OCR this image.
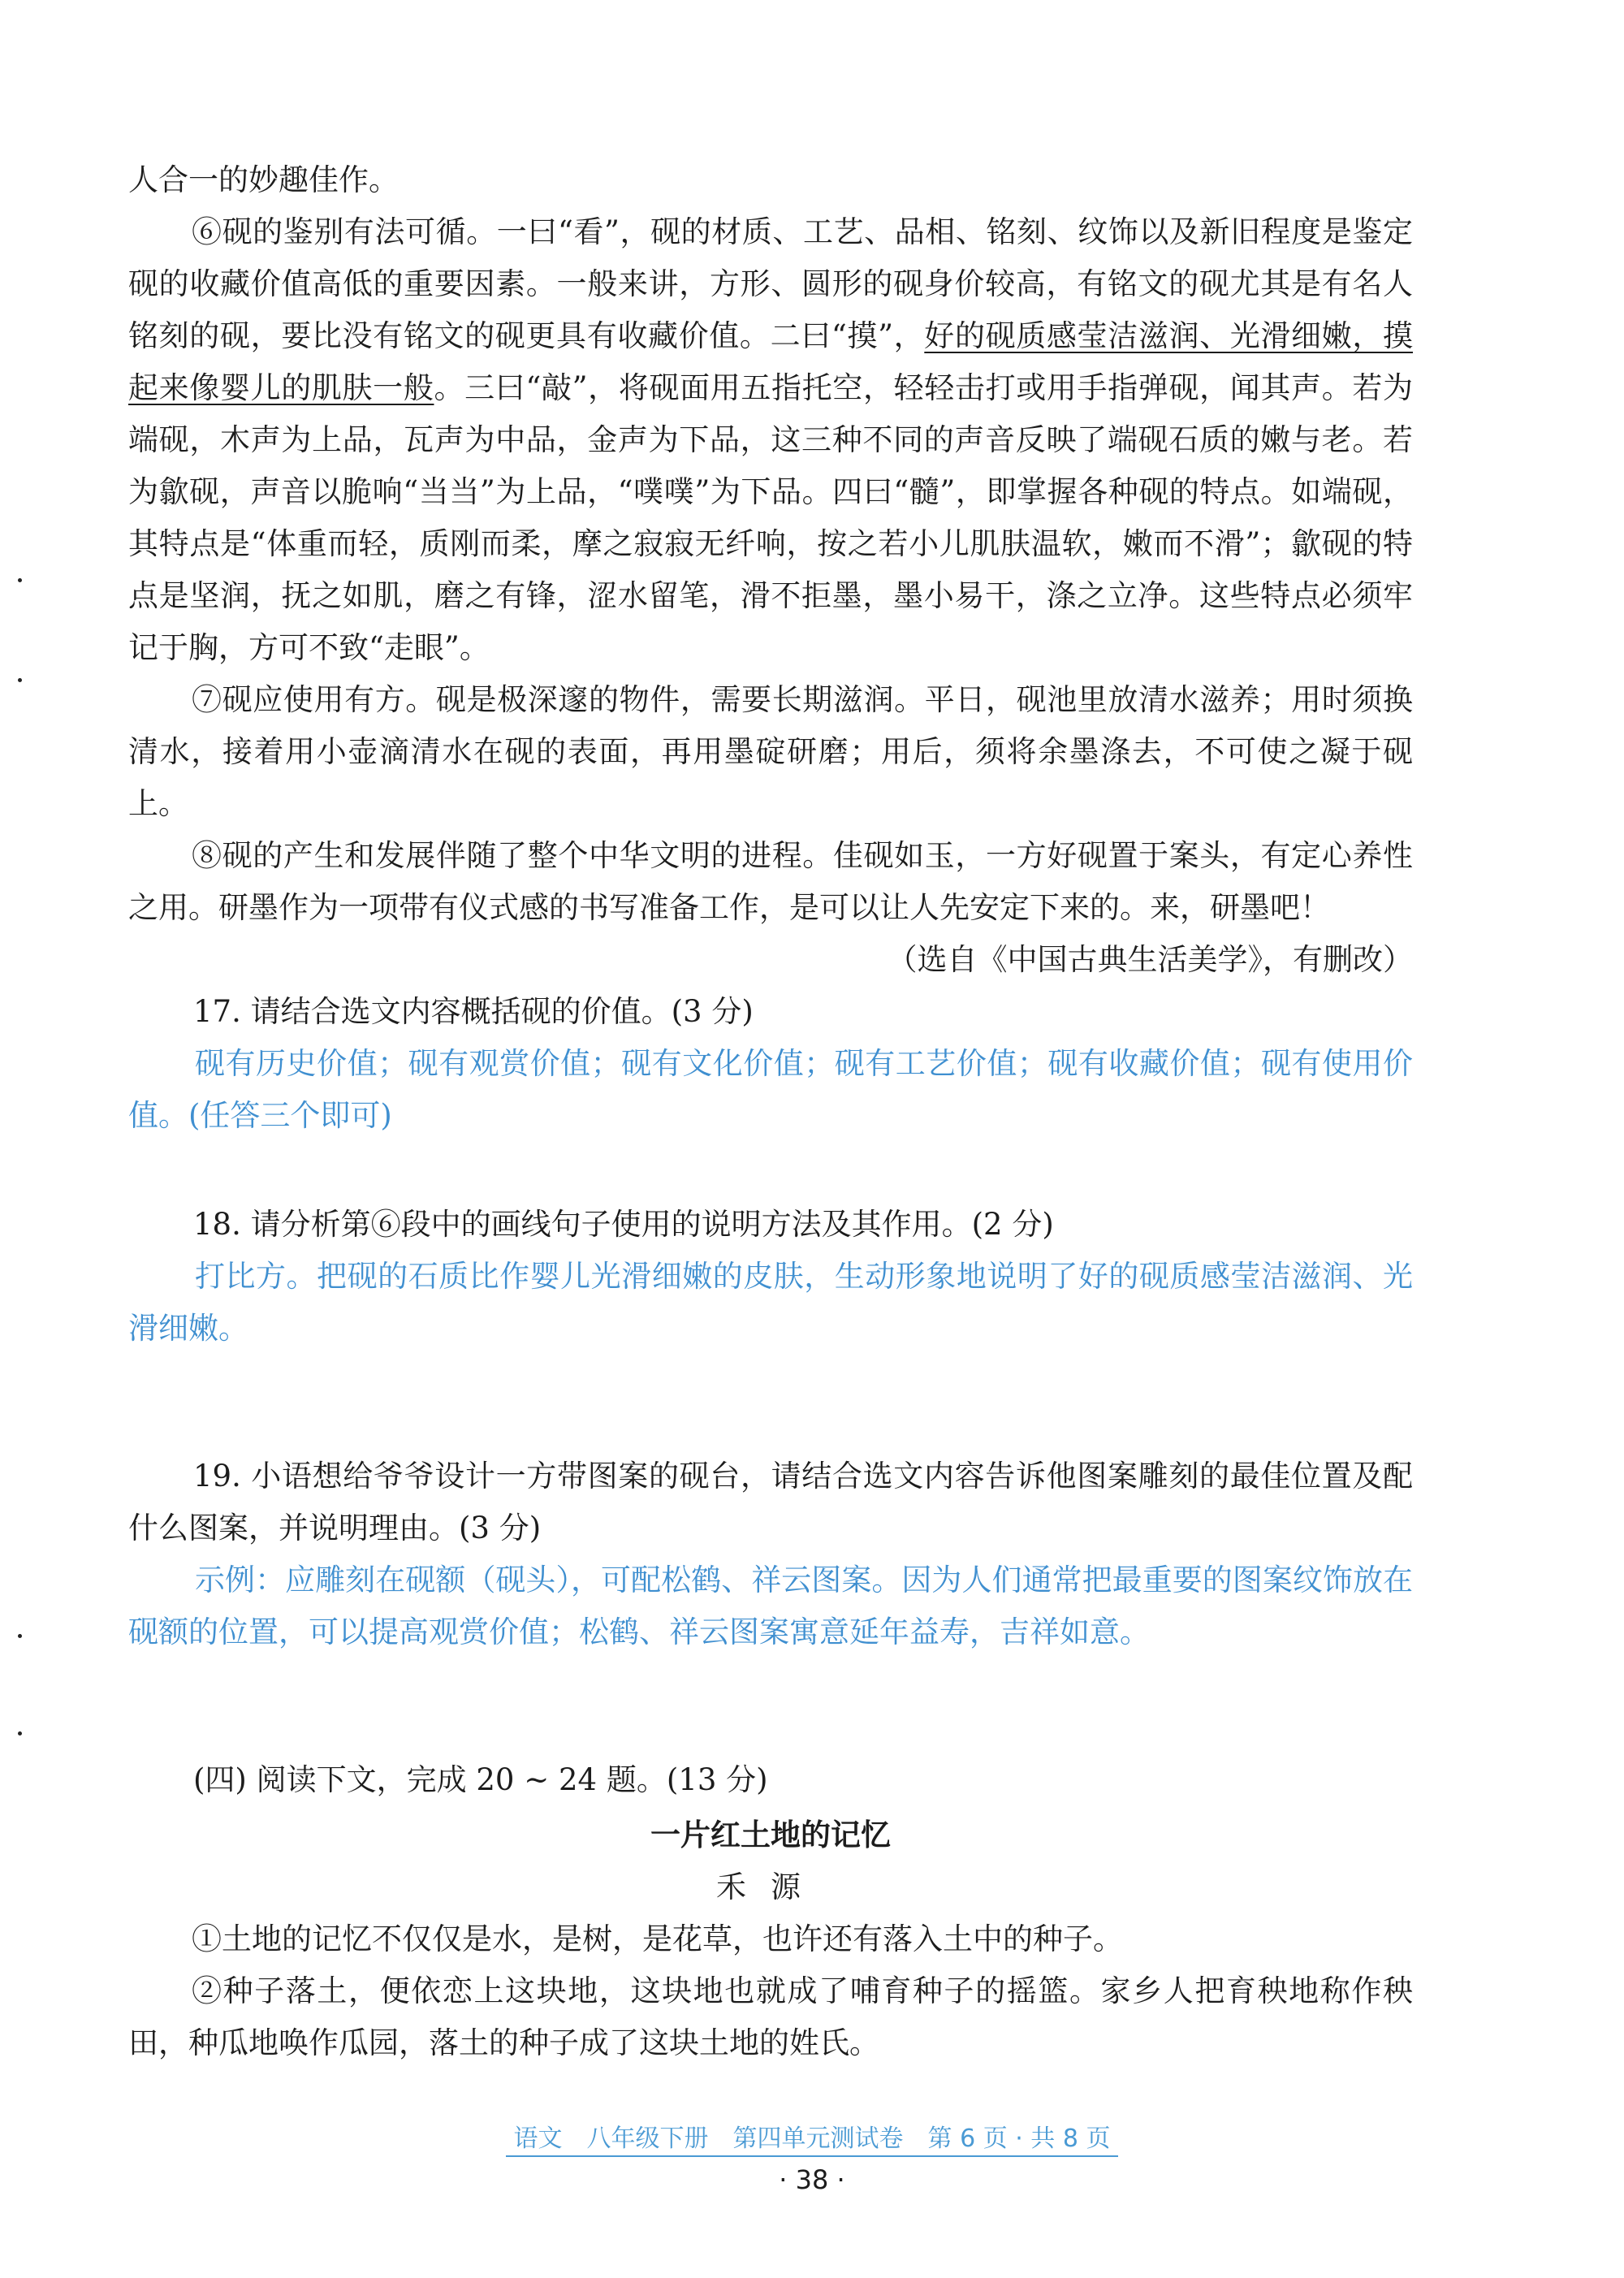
人合一的妙趣佳作。

⑥砚的鉴别有法可循。一曰“看”，砚的材质、工艺、品相、铭刻、纹饰以及新旧程度是鉴定砚的收藏价值高低的重要因素。一般来讲，方形、圆形的砚身价较高，有铭文的砚尤其是有名人铭刻的砚，要比没有铭文的砚更具有收藏价值。二曰“摸”，好的砚质感莹洁滋润、光滑细嫩，摸起来像婴儿的肌肤一般。三曰“敲”，将砚面用五指托空，轻轻击打或用手指弹砚，闻其声。若为端砚，木声为上品，瓦声为中品，金声为下品，这三种不同的声音反映了端砚石质的嫩与老。若为歙砚，声音以脆响“当当”为上品，“噗噗”为下品。四曰“髓”，即掌握各种砚的特点。如端砚，其特点是“体重而轻，质刚而柔，摩之寂寂无纤响，按之若小儿肌肤温软，嫩而不滑”；歙砚的特点是坚润，抚之如肌，磨之有锋，涩水留笔，滑不拒墨，墨小易干，涤之立净。这些特点必须牢记于胸，方可不致“走眼”。

⑦砚应使用有方。砚是极深邃的物件，需要长期滋润。平日，砚池里放清水滋养；用时须换清水，接着用小壶滴清水在砚的表面，再用墨碇研磨；用后，须将余墨涤去，不可使之凝于砚上。

⑧砚的产生和发展伴随了整个中华文明的进程。佳砚如玉，一方好砚置于案头，有定心养性之用。研墨作为一项带有仪式感的书写准备工作，是可以让人先安定下来的。来，研墨吧！

（选自《中国古典生活美学》，有删改）

17. 请结合选文内容概括砚的价值。(3 分)

砚有历史价值；砚有观赏价值；砚有文化价值；砚有工艺价值；砚有收藏价值；砚有使用价值。(任答三个即可)

18. 请分析第⑥段中的画线句子使用的说明方法及其作用。(2 分)

打比方。把砚的石质比作婴儿光滑细嫩的皮肤，生动形象地说明了好的砚质感莹洁滋润、光滑细嫩。

19. 小语想给爷爷设计一方带图案的砚台，请结合选文内容告诉他图案雕刻的最佳位置及配什么图案，并说明理由。(3 分)

示例：应雕刻在砚额（砚头），可配松鹤、祥云图案。因为人们通常把最重要的图案纹饰放在砚额的位置，可以提高观赏价值；松鹤、祥云图案寓意延年益寿，吉祥如意。

(四) 阅读下文，完成 20 ~ 24 题。(13 分)

一片红土地的记忆

禾源

①土地的记忆不仅仅是水，是树，是花草，也许还有落入土中的种子。

②种子落土，便依恋上这块地，这块地也就成了哺育种子的摇篮。家乡人把育秧地称作秧田，种瓜地唤作瓜园，落土的种子成了这块土地的姓氏。

语文　八年级下册　第四单元测试卷　第 6 页 · 共 8 页
· 38 ·
